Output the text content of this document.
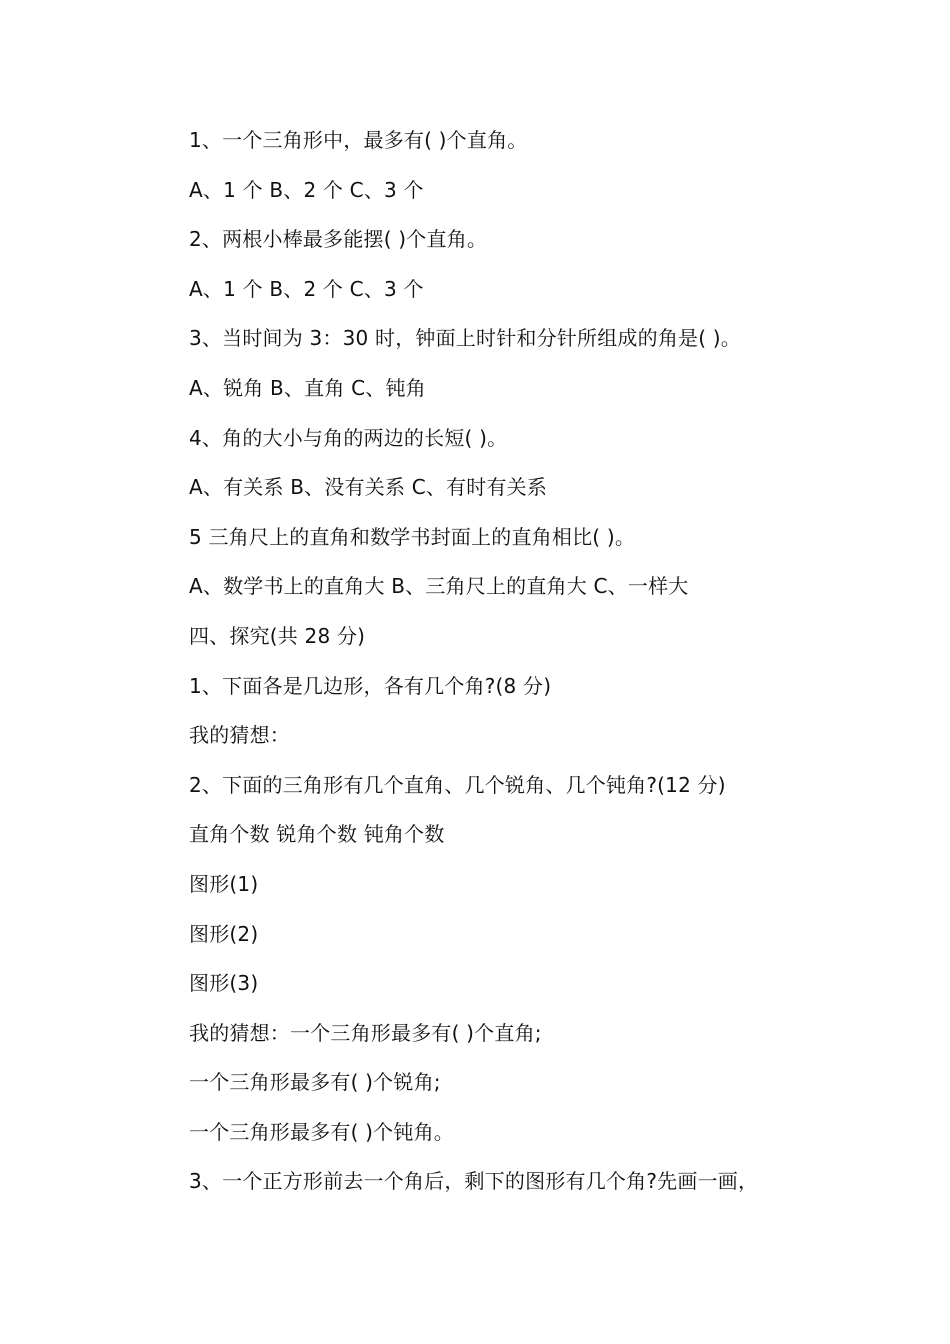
1、一个三角形中，最多有( )个直角。

A、1 个 B、2 个 C、3 个

2、两根小棒最多能摆( )个直角。

A、1 个 B、2 个 C、3 个

3、当时间为 3：30 时，钟面上时针和分针所组成的角是( )。

A、锐角 B、直角 C、钝角

4、角的大小与角的两边的长短( )。

A、有关系 B、没有关系 C、有时有关系

5 三角尺上的直角和数学书封面上的直角相比( )。

A、数学书上的直角大 B、三角尺上的直角大 C、一样大

四、探究(共 28 分)

1、下面各是几边形，各有几个角?(8 分)

我的猜想：

2、下面的三角形有几个直角、几个锐角、几个钝角?(12 分)

直角个数 锐角个数 钝角个数

图形(1)

图形(2)

图形(3)

我的猜想：一个三角形最多有( )个直角;

一个三角形最多有( )个锐角;

一个三角形最多有( )个钝角。

3、一个正方形前去一个角后，剩下的图形有几个角?先画一画，
